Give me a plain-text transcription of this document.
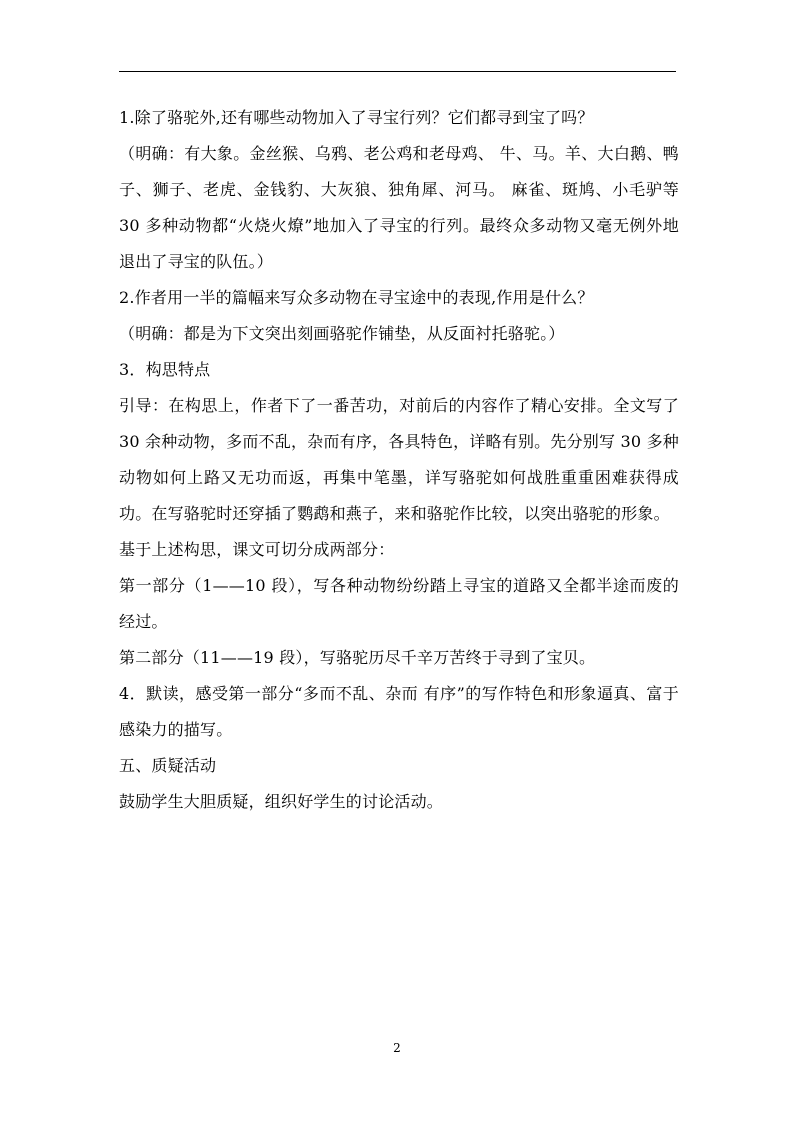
1.除了骆驼外,还有哪些动物加入了寻宝行列？它们都寻到宝了吗？

（明确：有大象。金丝猴、乌鸦、老公鸡和老母鸡、 牛、马。羊、大白鹅、鸭子、狮子、老虎、金钱豹、大灰狼、独角犀、河马。 麻雀、斑鸠、小毛驴等 30 多种动物都“火烧火燎”地加入了寻宝的行列。最终众多动物又毫无例外地退出了寻宝的队伍。）

2.作者用一半的篇幅来写众多动物在寻宝途中的表现,作用是什么？

（明确：都是为下文突出刻画骆驼作铺垫，从反面衬托骆驼。）

3．构思特点

引导：在构思上，作者下了一番苦功，对前后的内容作了精心安排。全文写了 30 余种动物，多而不乱，杂而有序，各具特色，详略有别。先分别写 30 多种动物如何上路又无功而返，再集中笔墨，详写骆驼如何战胜重重困难获得成功。在写骆驼时还穿插了鹦鹉和燕子，来和骆驼作比较，以突出骆驼的形象。

基于上述构思，课文可切分成两部分：

第一部分（1——10 段），写各种动物纷纷踏上寻宝的道路又全都半途而废的经过。

第二部分（11——19 段），写骆驼历尽千辛万苦终于寻到了宝贝。

4．默读，感受第一部分“多而不乱、杂而 有序”的写作特色和形象逼真、富于感染力的描写。

五、质疑活动

鼓励学生大胆质疑，组织好学生的讨论活动。

2
